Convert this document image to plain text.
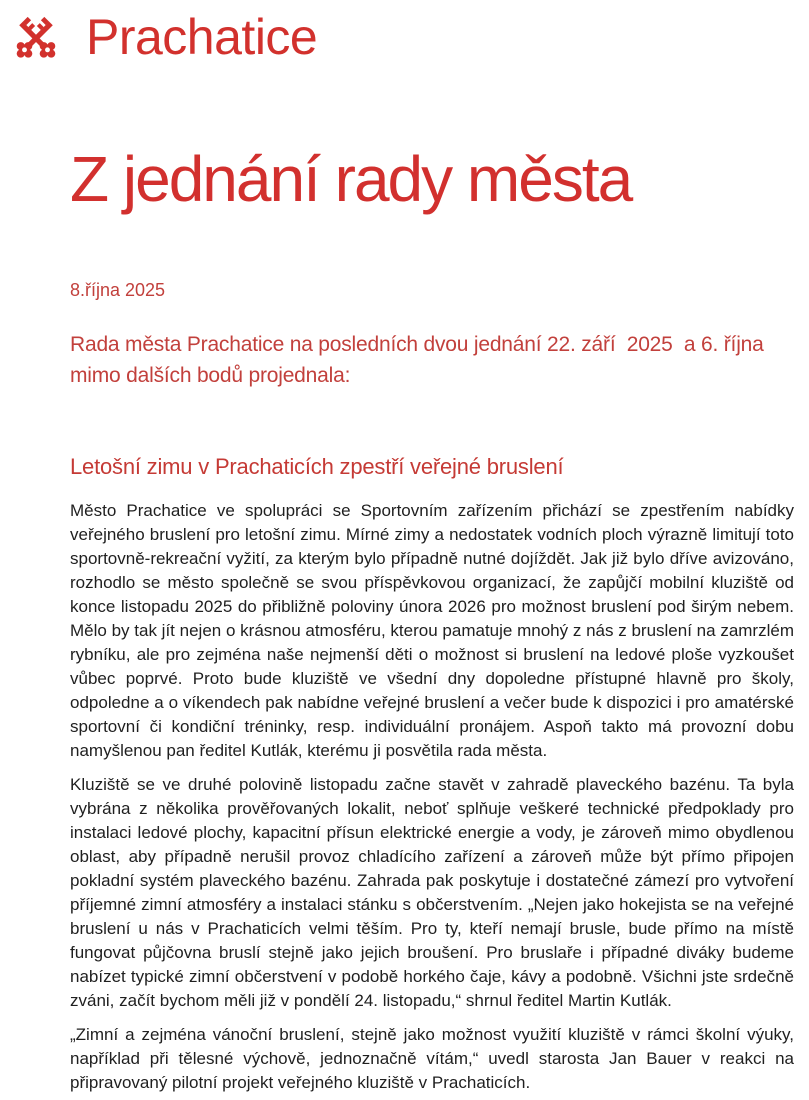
Prachatice
Z jednání rady města
8.října 2025
Rada města Prachatice na posledních dvou jednání 22. září  2025  a 6. října
mimo dalších bodů projednala:
Letošní zimu v Prachaticích zpestří veřejné bruslení

Město Prachatice ve spolupráci se Sportovním zařízením přichází se zpestřením nabídky veřejného bruslení pro letošní zimu. Mírné zimy a nedostatek vodních ploch výrazně limitují toto sportovně-rekreační vyžití, za kterým bylo případně nutné dojíždět. Jak již bylo dříve avizováno, rozhodlo se město společně se svou příspěvkovou organizací, že zapůjčí mobilní kluziště od konce listopadu 2025 do přibližně poloviny února 2026 pro možnost bruslení pod širým nebem. Mělo by tak jít nejen o krásnou atmosféru, kterou pamatuje mnohý z nás z bruslení na zamrzlém rybníku, ale pro zejména naše nejmenší děti o možnost si bruslení na ledové ploše vyzkoušet vůbec poprvé. Proto bude kluziště ve všední dny dopoledne přístupné hlavně pro školy, odpoledne a o víkendech pak nabídne veřejné bruslení a večer bude k dispozici i pro amatérské sportovní či kondiční tréninky, resp. individuální pronájem. Aspoň takto má provozní dobu namyšlenou pan ředitel Kutlák, kterému ji posvětila rada města.

Kluziště se ve druhé polovině listopadu začne stavět v zahradě plaveckého bazénu. Ta byla vybrána z několika prověřovaných lokalit, neboť splňuje veškeré technické předpoklady pro instalaci ledové plochy, kapacitní přísun elektrické energie a vody, je zároveň mimo obydlenou oblast, aby případně nerušil provoz chladícího zařízení a zároveň může být přímo připojen pokladní systém plaveckého bazénu. Zahrada pak poskytuje i dostatečné zámezí pro vytvoření příjemné zimní atmosféry a instalaci stánku s občerstvením. „Nejen jako hokejista se na veřejné bruslení u nás v Prachaticích velmi těším. Pro ty, kteří nemají brusle, bude přímo na místě fungovat půjčovna bruslí stejně jako jejich broušení. Pro bruslaře i případné diváky budeme nabízet typické zimní občerstvení v podobě horkého čaje, kávy a podobně. Všichni jste srdečně zváni, začít bychom měli již v pondělí 24. listopadu,“ shrnul ředitel Martin Kutlák.

„Zimní a zejména vánoční bruslení, stejně jako možnost využití kluziště v rámci školní výuky, například při tělesné výchově, jednoznačně vítám,“ uvedl starosta Jan Bauer v reakci na připravovaný pilotní projekt veřejného kluziště v Prachaticích.
